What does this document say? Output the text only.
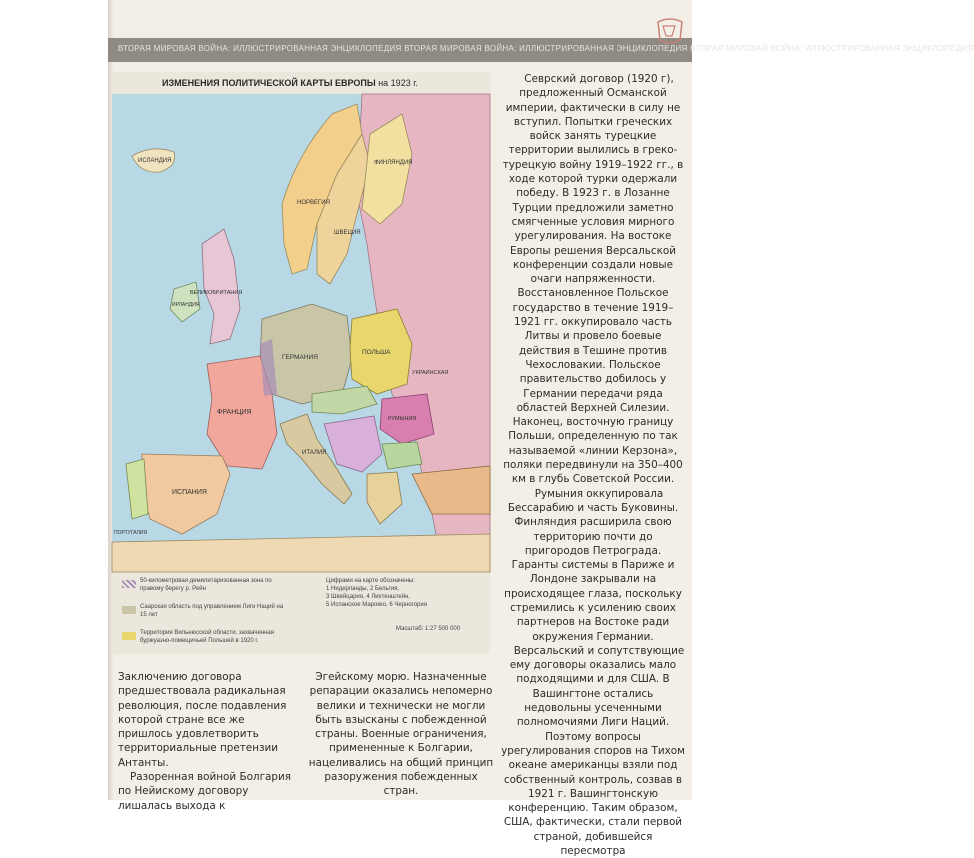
ВТОРАЯ МИРОВАЯ ВОЙНА: ИЛЛЮСТРИРОВАННАЯ ЭНЦИКЛОПЕДИЯ ВТОРАЯ МИРОВАЯ ВОЙНА: ИЛЛЮСТРИРОВАННАЯ ЭНЦИКЛОПЕДИЯ ВТОРАЯ МИРОВАЯ ВОЙНА: ИЛЛЮСТРИРОВАННАЯ ЭНЦИКЛОПЕДИЯ
ИЗМЕНЕНИЯ ПОЛИТИЧЕСКОЙ КАРТЫ ЕВРОПЫ на 1923 г.
ИСЛАНДИЯ
НОРВЕГИЯ
ШВЕЦИЯ
ФИНЛЯНДИЯ
ВЕЛИКОБРИТАНИЯ
ИРЛАНДИЯ
ГЕРМАНИЯ
ПОЛЬША
ФРАНЦИЯ
ИСПАНИЯ
ПОРТУГАЛИЯ
ИТАЛИЯ
РУМЫНИЯ
УКРАИНСКАЯ
50-километровая демилитаризованная зона по правому берегу р. Рейн
Саарская область под управлением Лиги Наций на 15 лет
Территория Вильнюсской области, захваченная буржуазно-помещичьей Польшей в 1920 г.
Цифрами на карте обозначены:
1 Нидерланды, 2 Бельгия,
3 Швейцария, 4 Лихтенштейн,
5 Испанское Марокко, 6 Черногория
Масштаб: 1:27 500 000

Севрский договор (1920 г), предложенный Османской империи, фактически в силу не вступил. Попытки греческих войск занять турецкие территории вылились в греко-турецкую войну 1919–1922 гг., в ходе которой турки одержали победу. В 1923 г. в Лозанне Турции предложили заметно смягченные условия мирного урегулирования. На востоке Европы решения Версальской конференции создали новые очаги напряженности. Восстановленное Польское государство в течение 1919–1921 гг. оккупировало часть Литвы и провело боевые действия в Тешине против Чехословакии. Польское правительство добилось у Германии передачи ряда областей Верхней Силезии. Наконец, восточную границу Польши, определенную по так называемой «линии Керзона», поляки передвинули на 350–400 км в глубь Советской России.

Румыния оккупировала Бессарабию и часть Буковины. Финляндия расширила свою территорию почти до пригородов Петрограда. Гаранты системы в Париже и Лондоне закрывали на происходящее глаза, поскольку стремились к усилению своих партнеров на Востоке ради окружения Германии.

Версальский и сопутствующие ему договоры оказались мало подходящими и для США. В Вашингтоне остались недовольны усеченными полномочиями Лиги Наций. Поэтому вопросы урегулирования споров на Тихом океане американцы взяли под собственный контроль, созвав в 1921 г. Вашингтонскую конференцию. Таким образом, США, фактически, стали первой страной, добившейся пересмотра

Заключению договора предшествовала радикальная революция, после подавления которой стране все же пришлось удовлетворить территориальные претензии Антанты.

Разоренная войной Болгария по Нейискому договору лишалась выхода к

Эгейскому морю. Назначенные репарации оказались непомерно велики и технически не могли быть взысканы с побежденной страны. Военные ограничения, примененные к Болгарии, нацеливались на общий принцип разоружения побежденных стран.
